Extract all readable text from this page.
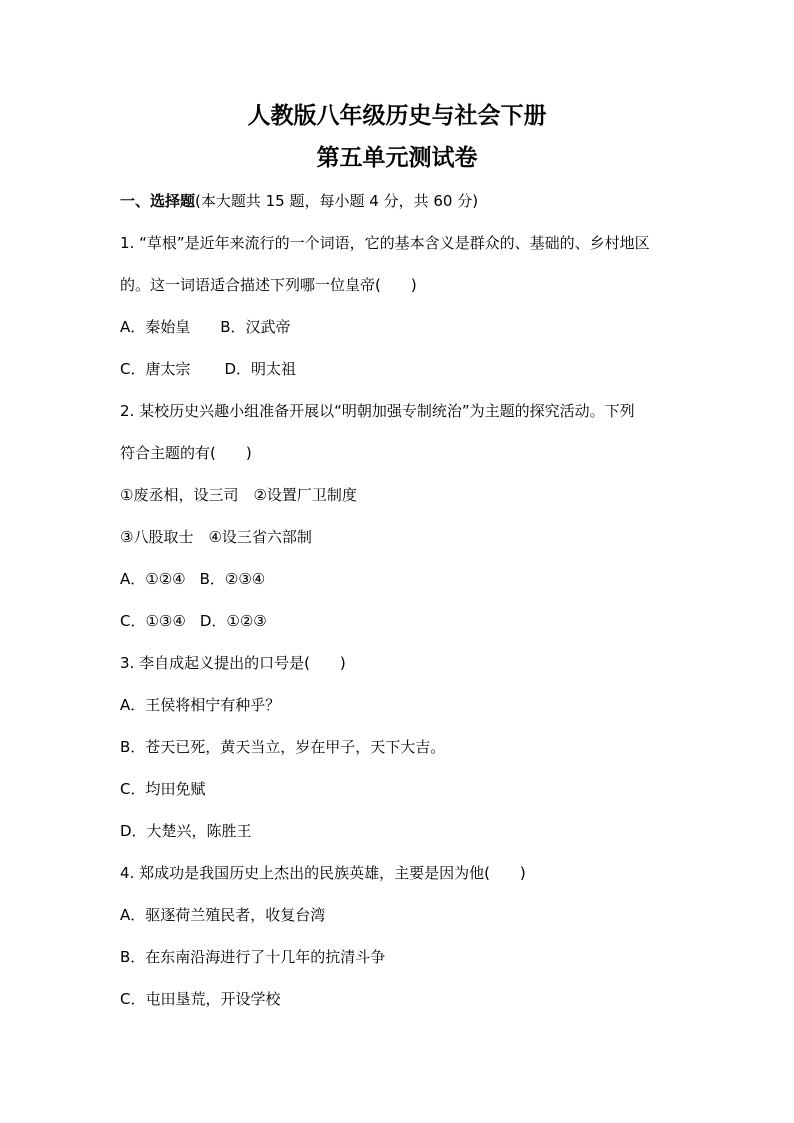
人教版八年级历史与社会下册
第五单元测试卷
一、选择题(本大题共 15 题，每小题 4 分，共 60 分)
1. “草根”是近年来流行的一个词语，它的基本含义是群众的、基础的、乡村地区
的。这一词语适合描述下列哪一位皇帝(　　)
A．秦始皇 B．汉武帝
C．唐太宗 D．明太祖
2. 某校历史兴趣小组准备开展以“明朝加强专制统治”为主题的探究活动。下列
符合主题的有(　　)
①废丞相，设三司　②设置厂卫制度
③八股取士　④设三省六部制
A．①②④ B．②③④
C．①③④ D．①②③
3. 李自成起义提出的口号是(　　)
A．王侯将相宁有种乎？
B．苍天已死，黄天当立，岁在甲子，天下大吉。
C．均田免赋
D．大楚兴，陈胜王
4. 郑成功是我国历史上杰出的民族英雄，主要是因为他(　　)
A．驱逐荷兰殖民者，收复台湾
B．在东南沿海进行了十几年的抗清斗争
C．屯田垦荒，开设学校
